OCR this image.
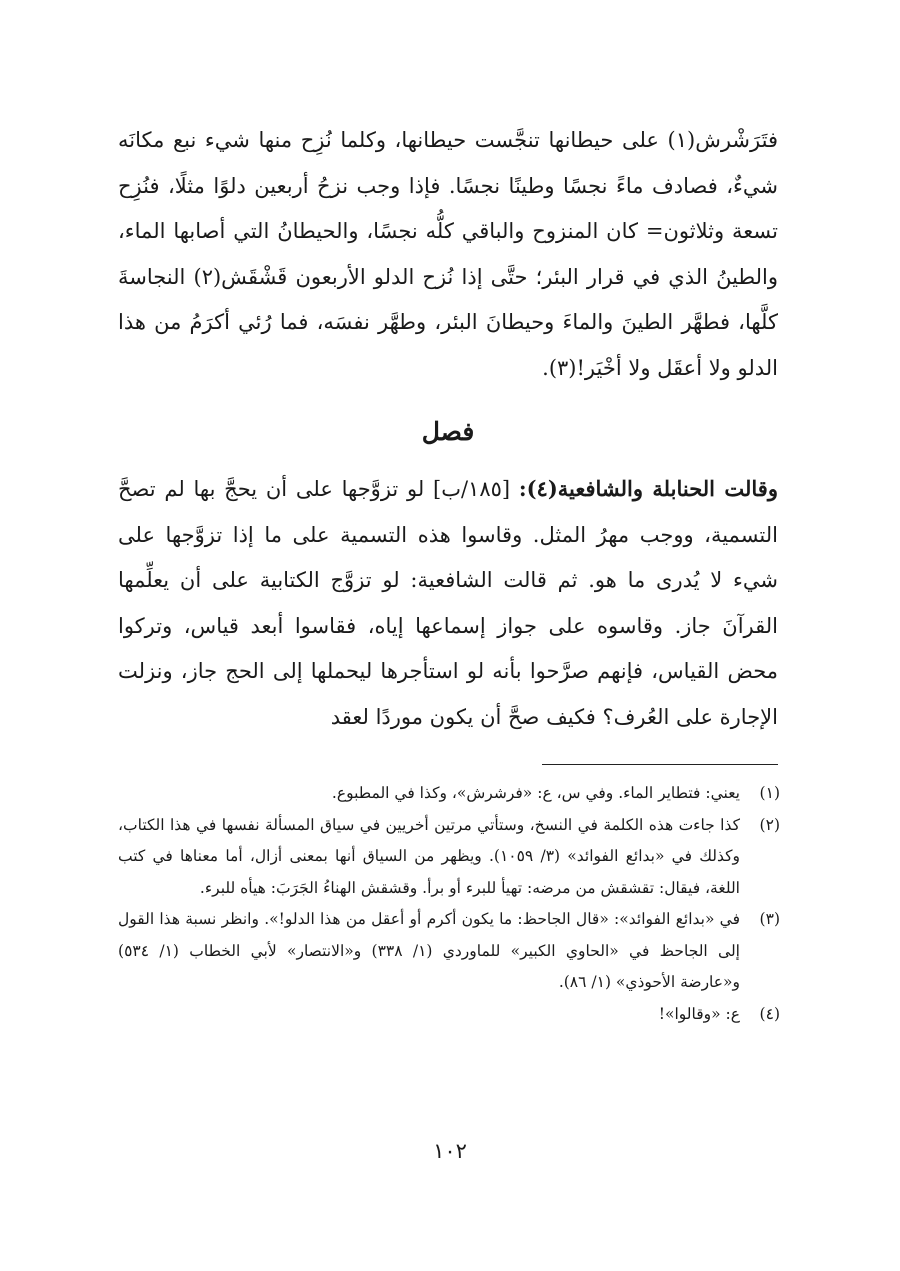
فتَرَشْرش(١) على حيطانها تنجَّست حيطانها، وكلما نُزِح منها شيء نبع مكانَه شيءٌ، فصادف ماءً نجسًا وطينًا نجسًا. فإذا وجب نزحُ أربعين دلوًا مثلًا، فنُزِح تسعة وثلاثون= كان المنزوح والباقي كلُّه نجسًا، والحيطانُ التي أصابها الماء، والطينُ الذي في قرار البئر؛ حتَّى إذا نُزح الدلو الأربعون قَشْقَش(٢) النجاسةَ كلَّها، فطهَّر الطينَ والماءَ وحيطانَ البئر، وطهَّر نفسَه، فما رُئي أكرَمُ من هذا الدلو ولا أعقَل ولا أخْيَر!(٣).

فصل

وقالت الحنابلة والشافعية(٤): [١٨٥/ب] لو تزوَّجها على أن يحجَّ بها لم تصحَّ التسمية، ووجب مهرُ المثل. وقاسوا هذه التسمية على ما إذا تزوَّجها على شيء لا يُدرى ما هو. ثم قالت الشافعية: لو تزوَّج الكتابية على أن يعلِّمها القرآنَ جاز. وقاسوه على جواز إسماعها إياه، فقاسوا أبعد قياس، وتركوا محض القياس، فإنهم صرَّحوا بأنه لو استأجرها ليحملها إلى الحج جاز، ونزلت الإجارة على العُرف؟ فكيف صحَّ أن يكون موردًا لعقد

(١)
يعني: فتطاير الماء. وفي س، ع: «فرشرش»، وكذا في المطبوع.
(٢)
كذا جاءت هذه الكلمة في النسخ، وستأتي مرتين أخريين في سياق المسألة نفسها في هذا الكتاب، وكذلك في «بدائع الفوائد» (٣/ ١٠٥٩). ويظهر من السياق أنها بمعنى أزال، أما معناها في كتب اللغة، فيقال: تقشقش من مرضه: تهيأ للبرء أو برأ. وقشقش الهناءُ الجَرَبَ: هيأه للبرء.
(٣)
في «بدائع الفوائد»: «قال الجاحظ: ما يكون أكرم أو أعقل من هذا الدلو!». وانظر نسبة هذا القول إلى الجاحظ في «الحاوي الكبير» للماوردي (١/ ٣٣٨) و«الانتصار» لأبي الخطاب (١/ ٥٣٤) و«عارضة الأحوذي» (١/ ٨٦).
(٤)
ع: «وقالوا»!
١٠٢
